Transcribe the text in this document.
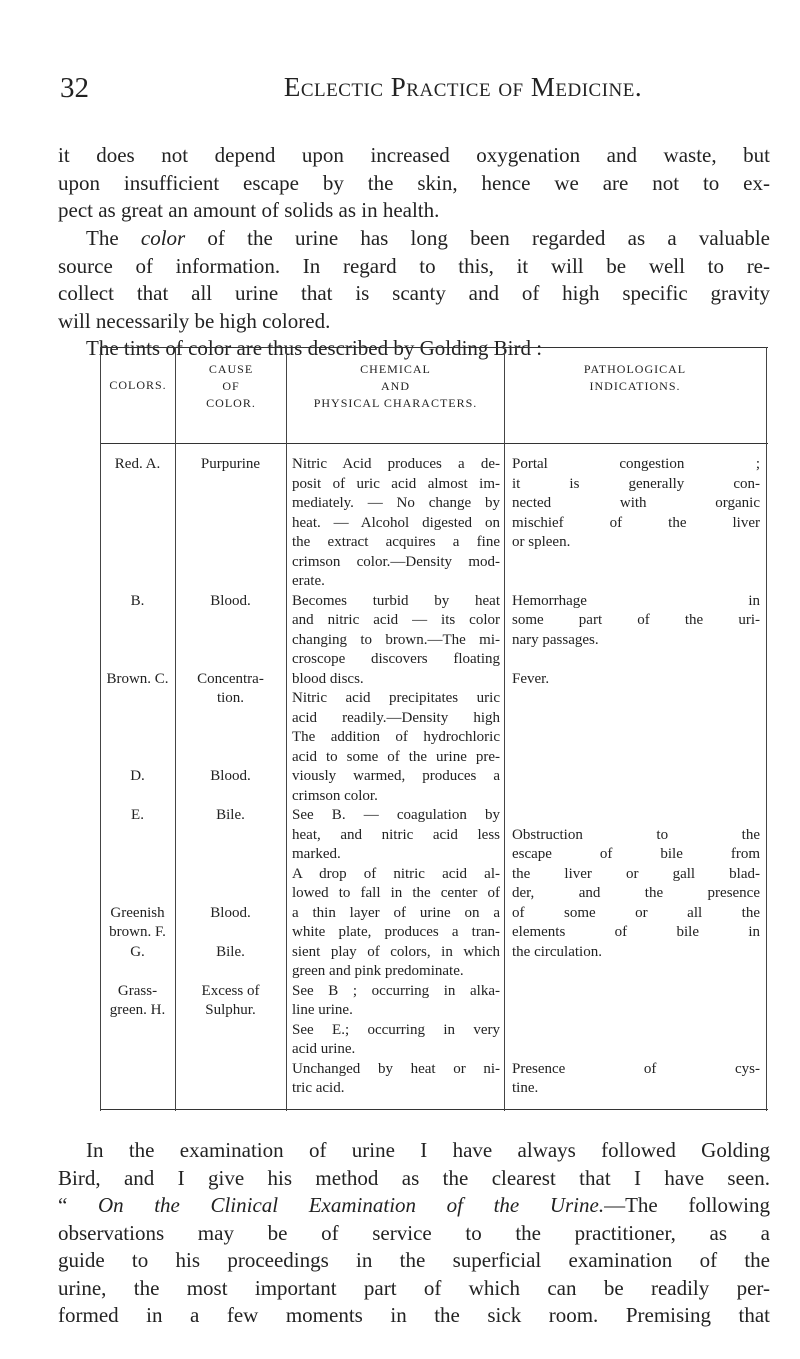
32	Eclectic Practice of Medicine.
it does not depend upon increased oxygenation and waste, but
upon insufficient escape by the skin, hence we are not to ex-
pect as great an amount of solids as in health.
The color of the urine has long been regarded as a valuable
source of information. In regard to this, it will be well to re-
collect that all urine that is scanty and of high specific gravity
will necessarily be high colored.
The tints of color are thus described by Golding Bird :
COLORS.
CAUSE
OF
COLOR.
CHEMICAL
AND
PHYSICAL CHARACTERS.
PATHOLOGICAL
INDICATIONS.
Red. A.
B.
Brown. C.
D.
E.
Greenish
brown. F.
G.
Grass-
green. H.
Purpurine
Blood.
Concentra-
tion.
Blood.
Bile.
Blood.
Bile.
Excess of
Sulphur.
Nitric Acid produces a de-
posit of uric acid almost im-
mediately. — No change by
heat. — Alcohol digested on
the extract acquires a fine
crimson color.—Density mod-
erate.
Becomes turbid by heat
and nitric acid — its color
changing to brown.—The mi-
croscope discovers floating
blood discs.
Nitric acid precipitates uric
acid readily.—Density high
The addition of hydrochloric
acid to some of the urine pre-
viously warmed, produces a
crimson color.
See B. — coagulation by
heat, and nitric acid less
marked.
A drop of nitric acid al-
lowed to fall in the center of
a thin layer of urine on a
white plate, produces a tran-
sient play of colors, in which
green and pink predominate.
See B ; occurring in alka-
line urine.
See E.; occurring in very
acid urine.
Unchanged by heat or ni-
tric acid.
Portal congestion ;
it is generally con-
nected with organic
mischief of the liver
or spleen.
Hemorrhage in
some part of the uri-
nary passages.
Fever.
Obstruction to the
escape of bile from
the liver or gall blad-
der, and the presence
of some or all the
elements of bile in
the circulation.
Presence of cys-
tine.
In the examination of urine I have always followed Golding
Bird, and I give his method as the clearest that I have seen.
“ On the Clinical Examination of the Urine.—The following
observations may be of service to the practitioner, as a
guide to his proceedings in the superficial examination of the
urine, the most important part of which can be readily per-
formed in a few moments in the sick room. Premising that
